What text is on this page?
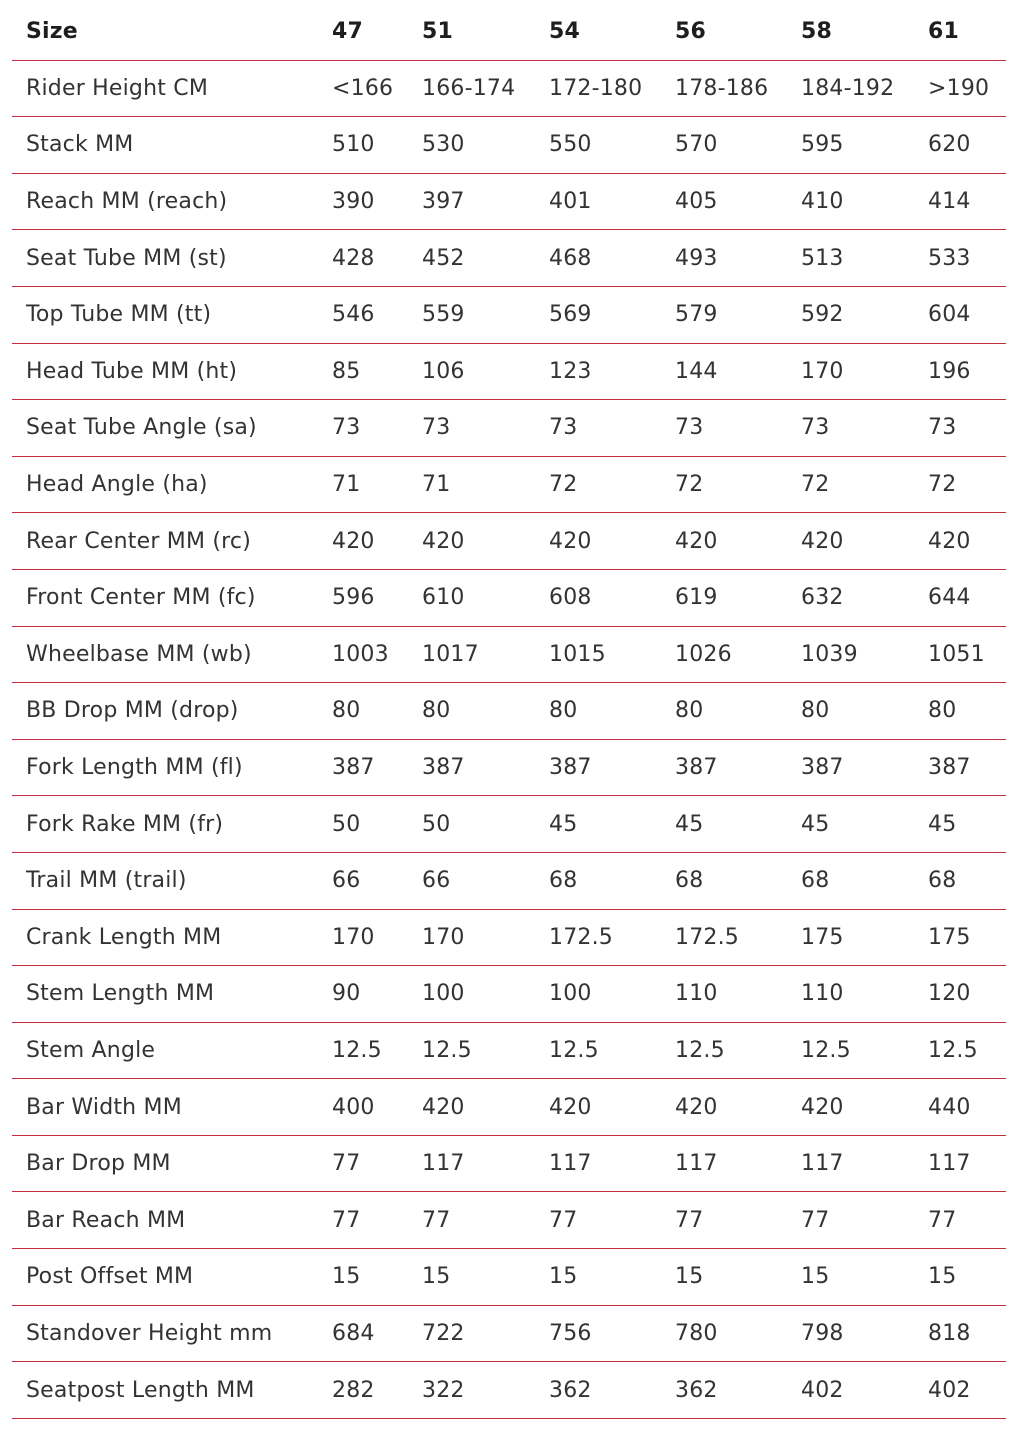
Size	47	51	54	56	58	61
Rider Height CM	<166	166-174	172-180	178-186	184-192	>190
Stack MM	510	530	550	570	595	620
Reach MM (reach)	390	397	401	405	410	414
Seat Tube MM (st)	428	452	468	493	513	533
Top Tube MM (tt)	546	559	569	579	592	604
Head Tube MM (ht)	85	106	123	144	170	196
Seat Tube Angle (sa)	73	73	73	73	73	73
Head Angle (ha)	71	71	72	72	72	72
Rear Center MM (rc)	420	420	420	420	420	420
Front Center MM (fc)	596	610	608	619	632	644
Wheelbase MM (wb)	1003	1017	1015	1026	1039	1051
BB Drop MM (drop)	80	80	80	80	80	80
Fork Length MM (fl)	387	387	387	387	387	387
Fork Rake MM (fr)	50	50	45	45	45	45
Trail MM (trail)	66	66	68	68	68	68
Crank Length MM	170	170	172.5	172.5	175	175
Stem Length MM	90	100	100	110	110	120
Stem Angle	12.5	12.5	12.5	12.5	12.5	12.5
Bar Width MM	400	420	420	420	420	440
Bar Drop MM	77	117	117	117	117	117
Bar Reach MM	77	77	77	77	77	77
Post Offset MM	15	15	15	15	15	15
Standover Height mm	684	722	756	780	798	818
Seatpost Length MM	282	322	362	362	402	402
